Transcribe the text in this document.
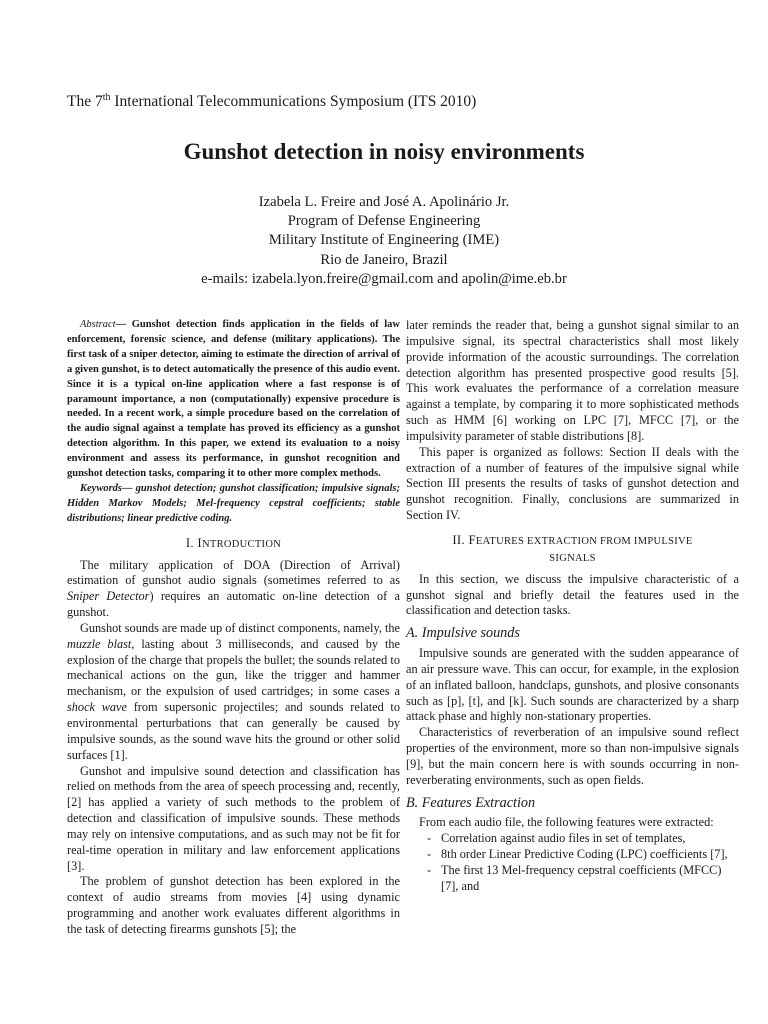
The 7th International Telecommunications Symposium (ITS 2010)
Gunshot detection in noisy environments
Izabela L. Freire and José A. Apolinário Jr.
Program of Defense Engineering
Military Institute of Engineering (IME)
Rio de Janeiro, Brazil
e-mails: izabela.lyon.freire@gmail.com and apolin@ime.eb.br

Abstract— Gunshot detection finds application in the fields of law enforcement, forensic science, and defense (military applications). The first task of a sniper detector, aiming to estimate the direction of arrival of a given gunshot, is to detect automatically the presence of this audio event. Since it is a typical on-line application where a fast response is of paramount importance, a non (computationally) expensive procedure is needed. In a recent work, a simple procedure based on the correlation of the audio signal against a template has proved its efficiency as a gunshot detection algorithm. In this paper, we extend its evaluation to a noisy environment and assess its performance, in gunshot recognition and gunshot detection tasks, comparing it to other more complex methods.

Keywords— gunshot detection; gunshot classification; impulsive signals; Hidden Markov Models; Mel-frequency cepstral coefficients; stable distributions; linear predictive coding.

I. INTRODUCTION

The military application of DOA (Direction of Arrival) estimation of gunshot audio signals (sometimes referred to as Sniper Detector) requires an automatic on-line detection of a gunshot.

Gunshot sounds are made up of distinct components, namely, the muzzle blast, lasting about 3 milliseconds, and caused by the explosion of the charge that propels the bullet; the sounds related to mechanical actions on the gun, like the trigger and hammer mechanism, or the expulsion of used cartridges; in some cases a shock wave from supersonic projectiles; and sounds related to environmental perturbations that can generally be caused by impulsive sounds, as the sound wave hits the ground or other solid surfaces [1].

Gunshot and impulsive sound detection and classification has relied on methods from the area of speech processing and, recently, [2] has applied a variety of such methods to the problem of detection and classification of impulsive sounds. These methods may rely on intensive computations, and as such may not be fit for real-time operation in military and law enforcement applications [3].

The problem of gunshot detection has been explored in the context of audio streams from movies [4] using dynamic programming and another work evaluates different algorithms in the task of detecting firearms gunshots [5]; the

later reminds the reader that, being a gunshot signal similar to an impulsive signal, its spectral characteristics shall most likely provide information of the acoustic surroundings. The correlation detection algorithm has presented prospective good results [5]. This work evaluates the performance of a correlation measure against a template, by comparing it to more sophisticated methods such as HMM [6] working on LPC [7], MFCC [7], or the impulsivity parameter of stable distributions [8].

This paper is organized as follows: Section II deals with the extraction of a number of features of the impulsive signal while Section III presents the results of tasks of gunshot detection and gunshot recognition. Finally, conclusions are summarized in Section IV.

II. FEATURES EXTRACTION FROM IMPULSIVE
SIGNALS

In this section, we discuss the impulsive characteristic of a gunshot signal and briefly detail the features used in the classification and detection tasks.

A. Impulsive sounds

Impulsive sounds are generated with the sudden appearance of an air pressure wave. This can occur, for example, in the explosion of an inflated balloon, handclaps, gunshots, and plosive consonants such as [p], [t], and [k]. Such sounds are characterized by a sharp attack phase and highly non-stationary properties.

Characteristics of reverberation of an impulsive sound reflect properties of the environment, more so than non-impulsive signals [9], but the main concern here is with sounds occurring in non-reverberating environments, such as open fields.

B. Features Extraction

From each audio file, the following features were extracted:

- Correlation against audio files in set of templates,
- 8th order Linear Predictive Coding (LPC) coefficients [7],
- The first 13 Mel-frequency cepstral coefficients (MFCC) [7], and
